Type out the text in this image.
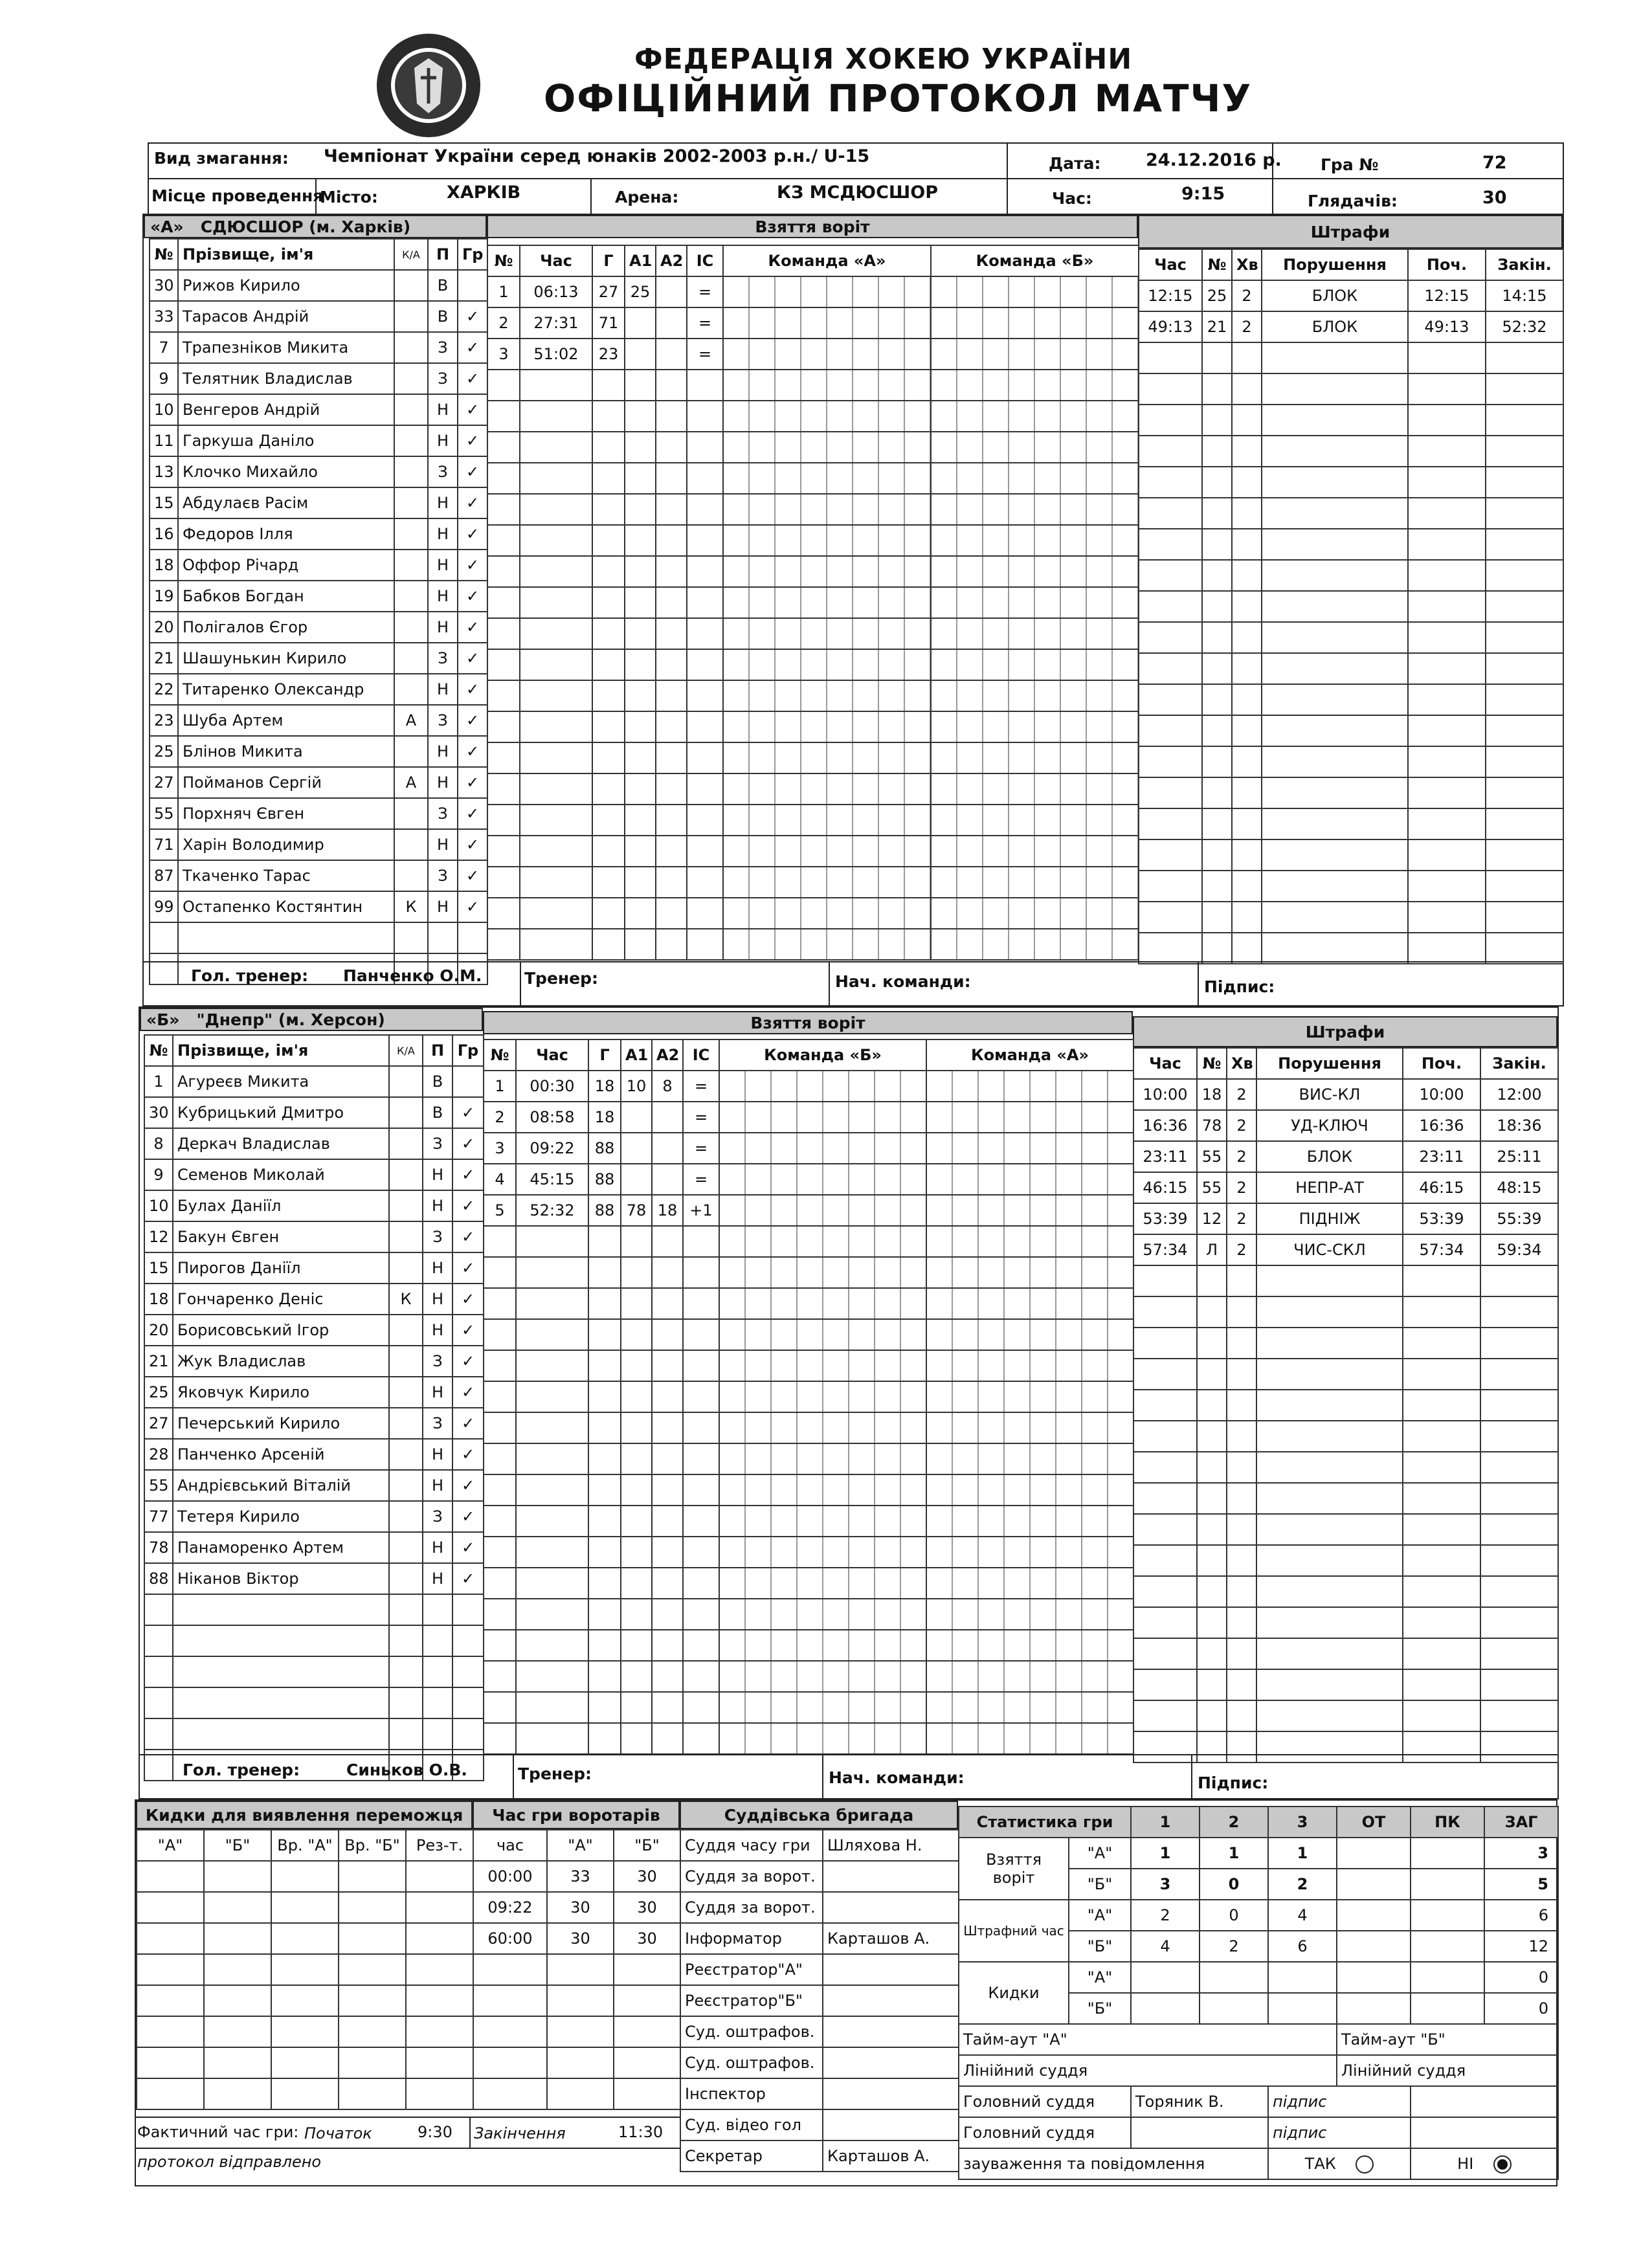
ФЕДЕРАЦІЯ ХОКЕЮ УКРАЇНИ
ОФІЦІЙНИЙ ПРОТОКОЛ МАТЧУ
Вид змагання: Чемпіонат України серед юнаків 2002-2003 р.н./ U-15	Дата:	24.12.2016 р. Гра №	72
Місце проведення
Місто:	ХАРКІВ	Арена:	КЗ МСДЮСШОР	Час:	9:15	Глядачів:	30
«А»
СДЮСШОР (м. Харків)	Взяття воріт	Штрафи
№	Прізвище, ім'я	К/А	П	Гр
30	Рижов Кирило		В	
33	Тарасов Андрій		В	✓
7	Трапезніков Микита		З	✓
9	Телятник Владислав		З	✓
10	Венгеров Андрій		Н	✓
11	Гаркуша Даніло		Н	✓
13	Клочко Михайло		З	✓
15	Абдулаєв Расім		Н	✓
16	Федоров Ілля		Н	✓
18	Оффор Річард		Н	✓
19	Бабков Богдан		Н	✓
20	Полігалов Єгор		Н	✓
21	Шашунькин Кирило		З	✓
22	Титаренко Олександр		Н	✓
23	Шуба Артем	А	З	✓
25	Блінов Микита		Н	✓
27	Пойманов Сергій	А	Н	✓
55	Порхняч Євген		З	✓
71	Харін Володимир		Н	✓
87	Ткаченко Тарас		З	✓
99	Остапенко Костянтин	К	Н	✓

№	Час	Г	А1	А2	ІС	Команда «А»	Команда «Б»
1	06:13	27	25		=		
2	27:31	71			=		
3	51:02	23			=		

Час	№	Хв	Порушення	Поч.	Закін.
12:15	25	2	БЛОК	12:15	14:15
49:13	21	2	БЛОК	49:13	52:32

Гол. тренер: Панченко О.М.	Тренер:	Нач. команди:	Підпис:
«Б»
"Днепр" (м. Херсон)	Взяття воріт	Штрафи
№	Прізвище, ім'я	К/А	П	Гр
1	Агуреєв Микита		В	
30	Кубрицький Дмитро		В	✓
8	Деркач Владислав		З	✓
9	Семенов Миколай		Н	✓
10	Булах Даніїл		Н	✓
12	Бакун Євген		З	✓
15	Пирогов Даніїл		Н	✓
18	Гончаренко Деніс	К	Н	✓
20	Борисовський Ігор		Н	✓
21	Жук Владислав		З	✓
25	Яковчук Кирило		Н	✓
27	Печерський Кирило		З	✓
28	Панченко Арсеній		Н	✓
55	Андрієвський Віталій		Н	✓
77	Тетеря Кирило		З	✓
78	Панаморенко Артем		Н	✓
88	Ніканов Віктор		Н	✓

№	Час	Г	А1	А2	ІС	Команда «Б»	Команда «А»
1	00:30	18	10	8	=		
2	08:58	18			=		
3	09:22	88			=		
4	45:15	88			=		
5	52:32	88	78	18	+1		

Час	№	Хв	Порушення	Поч.	Закін.
10:00	18	2	ВИС-КЛ	10:00	12:00
16:36	78	2	УД-КЛЮЧ	16:36	18:36
23:11	55	2	БЛОК	23:11	25:11
46:15	55	2	НЕПР-АТ	46:15	48:15
53:39	12	2	ПІДНІЖ	53:39	55:39
57:34	Л	2	ЧИС-СКЛ	57:34	59:34

Гол. тренер:	Синьков О.В.	Тренер:	Нач. команди:	Підпис:
Кидки для виявлення переможця
"А"	"Б"	Вр. "А"	Вр. "Б"	Рез-т.

Час гри воротарів
час	"А"	"Б"
00:00	33	30
09:22	30	30
60:00	30	30

Суддівська бригада
Суддя часу гри	Шляхова Н.
Суддя за ворот.	
Суддя за ворот.	
Інформатор	Карташов А.
Реєстратор"А"	
Реєстратор"Б"	
Суд. оштрафов.	
Суд. оштрафов.	
Інспектор	
Суд. відео гол	
Секретар	Карташов А.
Статистика гри		1	2	3	ОТ	ПК	ЗАГ
Взяття воріт	"А"	1	1	1			3
	"Б"	3	0	2			5
Штрафний час	"А"	2	0	4			6
	"Б"	4	2	6			12
Кидки	"А"						0
	"Б"						0
Тайм-аут "А"					Тайм-аут "Б"		
Лінійний суддя					Лінійний суддя		
Головний суддя		Торяник В.		підпис			
Головний суддя				підпис			
зауваження та повідомлення				ТАК		НІ	
Фактичний час гри: Початок	9:30 Закінчення	11:30
протокол відправлено
